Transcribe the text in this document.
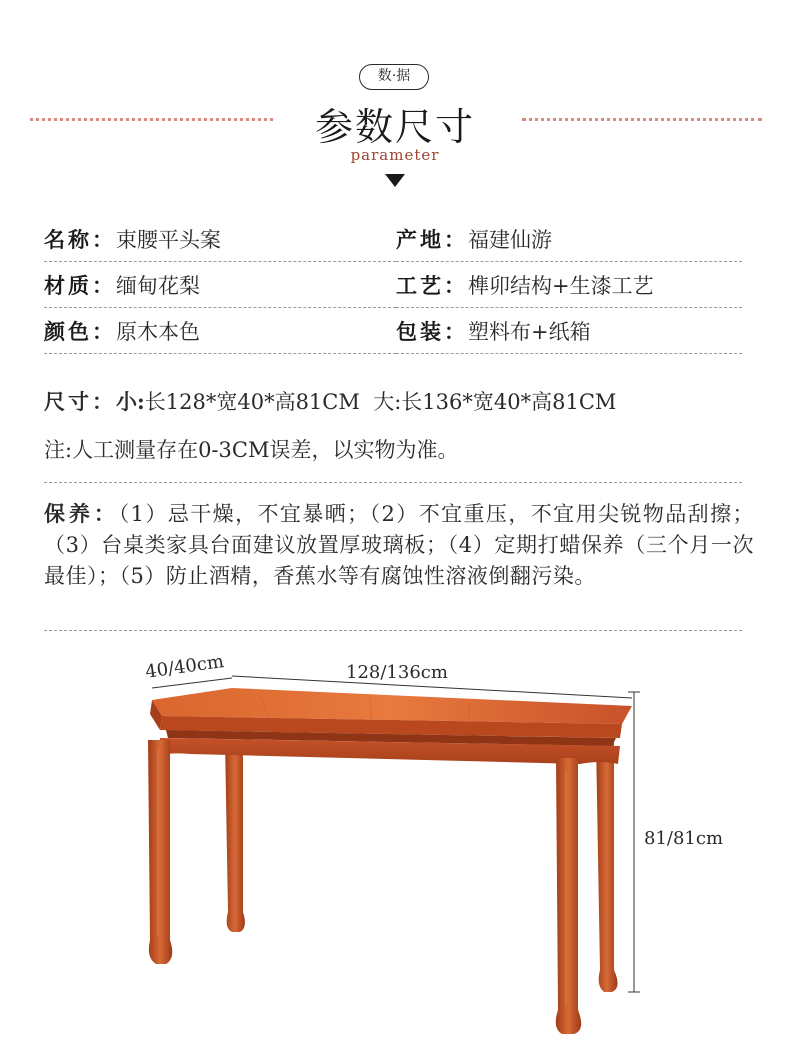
数·据
参数尺寸
parameter
名称：束腰平头案	产地：福建仙游
材质：缅甸花梨	工艺：榫卯结构+生漆工艺
颜色：原木本色	包装：塑料布+纸箱
尺寸：小:长128*宽40*高81CM 大:长136*宽40*高81CM
注:人工测量存在0-3CM误差，以实物为准。
保养：（1）忌干燥，不宜暴晒；（2）不宜重压，不宜用尖锐物品刮擦；（3）台桌类家具台面建议放置厚玻璃板；（4）定期打蜡保养（三个月一次最佳）；（5）防止酒精，香蕉水等有腐蚀性溶液倒翻污染。
40/40cm	128/136cm
81/81cm
